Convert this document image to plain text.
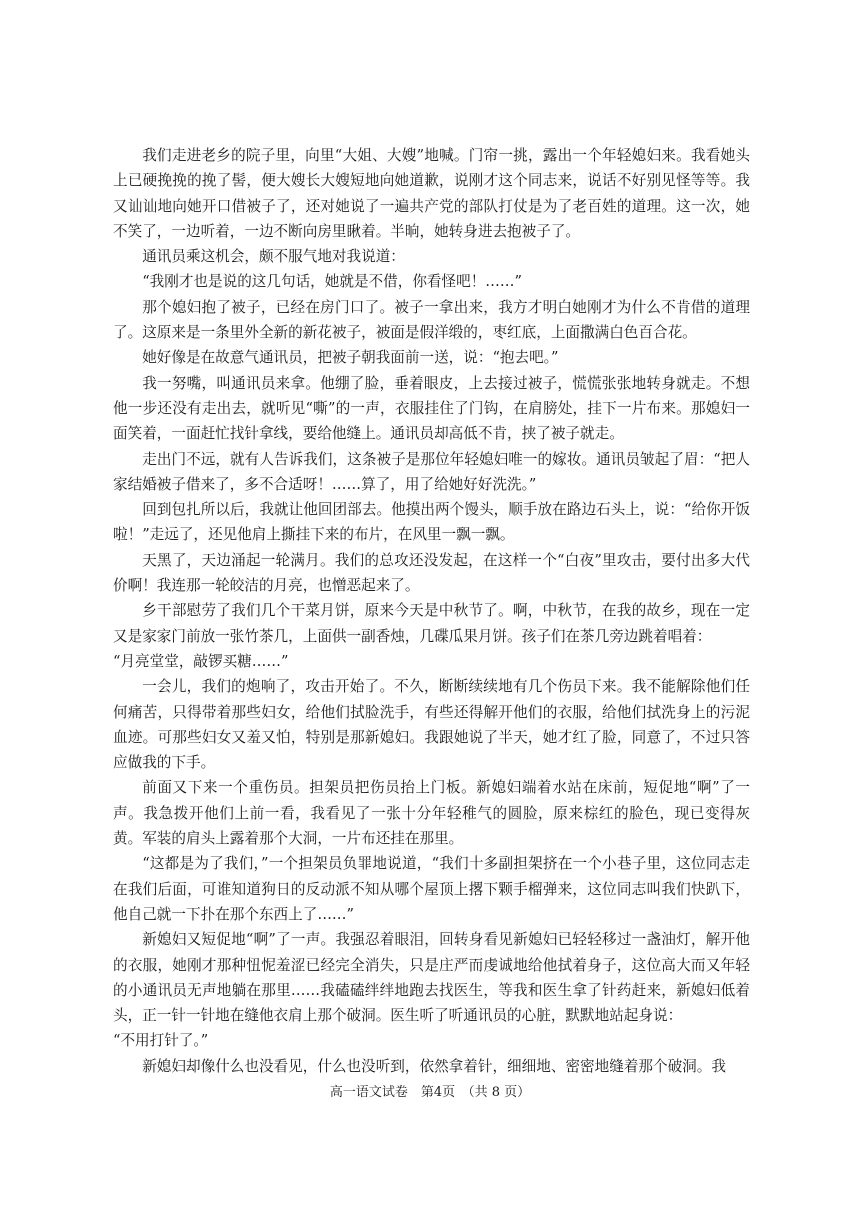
我们走进老乡的院子里，向里“大姐、大嫂”地喊。门帘一挑，露出一个年轻媳妇来。我看她头上已硬挽挽的挽了髻，便大嫂长大嫂短地向她道歉，说刚才这个同志来，说话不好别见怪等等。我又讪讪地向她开口借被子了，还对她说了一遍共产党的部队打仗是为了老百姓的道理。这一次，她不笑了，一边听着，一边不断向房里瞅着。半晌，她转身进去抱被子了。

通讯员乘这机会，颇不服气地对我说道：

“我刚才也是说的这几句话，她就是不借，你看怪吧！……”

那个媳妇抱了被子，已经在房门口了。被子一拿出来，我方才明白她刚才为什么不肯借的道理了。这原来是一条里外全新的新花被子，被面是假洋缎的，枣红底，上面撒满白色百合花。

她好像是在故意气通讯员，把被子朝我面前一送，说：“抱去吧。”

我一努嘴，叫通讯员来拿。他绷了脸，垂着眼皮，上去接过被子，慌慌张张地转身就走。不想他一步还没有走出去，就听见“嘶”的一声，衣服挂住了门钩，在肩膀处，挂下一片布来。那媳妇一面笑着，一面赶忙找针拿线，要给他缝上。通讯员却高低不肯，挟了被子就走。

走出门不远，就有人告诉我们，这条被子是那位年轻媳妇唯一的嫁妆。通讯员皱起了眉：“把人家结婚被子借来了，多不合适呀！……算了，用了给她好好洗洗。”

回到包扎所以后，我就让他回团部去。他摸出两个馒头，顺手放在路边石头上，说：“给你开饭啦！”走远了，还见他肩上撕挂下来的布片，在风里一飘一飘。

天黑了，天边涌起一轮满月。我们的总攻还没发起，在这样一个“白夜”里攻击，要付出多大代价啊！我连那一轮皎洁的月亮，也憎恶起来了。

乡干部慰劳了我们几个干菜月饼，原来今天是中秋节了。啊，中秋节，在我的故乡，现在一定又是家家门前放一张竹茶几，上面供一副香烛，几碟瓜果月饼。孩子们在茶几旁边跳着唱着：

“月亮堂堂，敲锣买糖……”

一会儿，我们的炮响了，攻击开始了。不久，断断续续地有几个伤员下来。我不能解除他们任何痛苦，只得带着那些妇女，给他们拭脸洗手，有些还得解开他们的衣服，给他们拭洗身上的污泥血迹。可那些妇女又羞又怕，特别是那新媳妇。我跟她说了半天，她才红了脸，同意了，不过只答应做我的下手。

前面又下来一个重伤员。担架员把伤员抬上门板。新媳妇端着水站在床前，短促地“啊”了一声。我急拨开他们上前一看，我看见了一张十分年轻稚气的圆脸，原来棕红的脸色，现已变得灰黄。军装的肩头上露着那个大洞，一片布还挂在那里。

“这都是为了我们，”一个担架员负罪地说道，“我们十多副担架挤在一个小巷子里，这位同志走在我们后面，可谁知道狗日的反动派不知从哪个屋顶上撂下颗手榴弹来，这位同志叫我们快趴下，他自己就一下扑在那个东西上了……”

新媳妇又短促地“啊”了一声。我强忍着眼泪，回转身看见新媳妇已轻轻移过一盏油灯，解开他的衣服，她刚才那种忸怩羞涩已经完全消失，只是庄严而虔诚地给他拭着身子，这位高大而又年轻的小通讯员无声地躺在那里……我磕磕绊绊地跑去找医生，等我和医生拿了针药赶来，新媳妇低着头，正一针一针地在缝他衣肩上那个破洞。医生听了听通讯员的心脏，默默地站起身说：

“不用打针了。”

新媳妇却像什么也没看见，什么也没听到，依然拿着针，细细地、密密地缝着那个破洞。我

高一语文试卷　第4页　（共 8 页）
